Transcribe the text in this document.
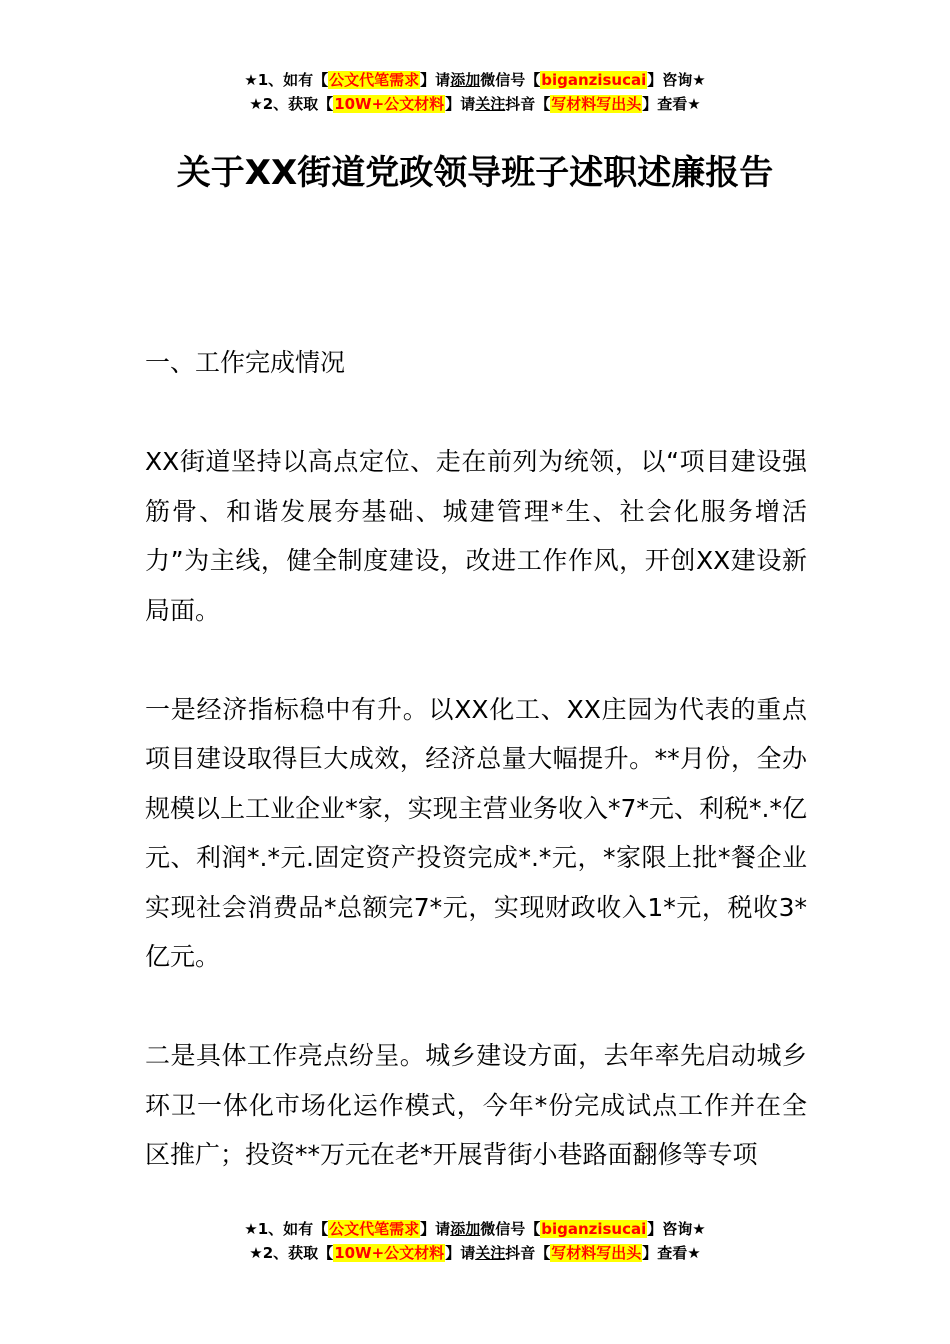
★1、如有【公文代笔需求】请添加微信号【biganzisucai】咨询★
★2、获取【10W+公文材料】请关注抖音【写材料写出头】查看★
关于XX街道党政领导班子述职述廉报告

一、工作完成情况

XX街道坚持以高点定位、走在前列为统领，以“项目建设强筋骨、和谐发展夯基础、城建管理*生、社会化服务增活力”为主线，健全制度建设，改进工作作风，开创XX建设新局面。

一是经济指标稳中有升。以XX化工、XX庄园为代表的重点项目建设取得巨大成效，经济总量大幅提升。**月份，全办规模以上工业企业*家，实现主营业务收入*7*元、利税*.*亿元、利润*.*元.固定资产投资完成*.*元，*家限上批*餐企业实现社会消费品*总额完7*元，实现财政收入1*元，税收3*亿元。

二是具体工作亮点纷呈。城乡建设方面，去年率先启动城乡环卫一体化市场化运作模式，今年*份完成试点工作并在全区推广；投资**万元在老*开展背街小巷路面翻修等专项

★1、如有【公文代笔需求】请添加微信号【biganzisucai】咨询★
★2、获取【10W+公文材料】请关注抖音【写材料写出头】查看★
